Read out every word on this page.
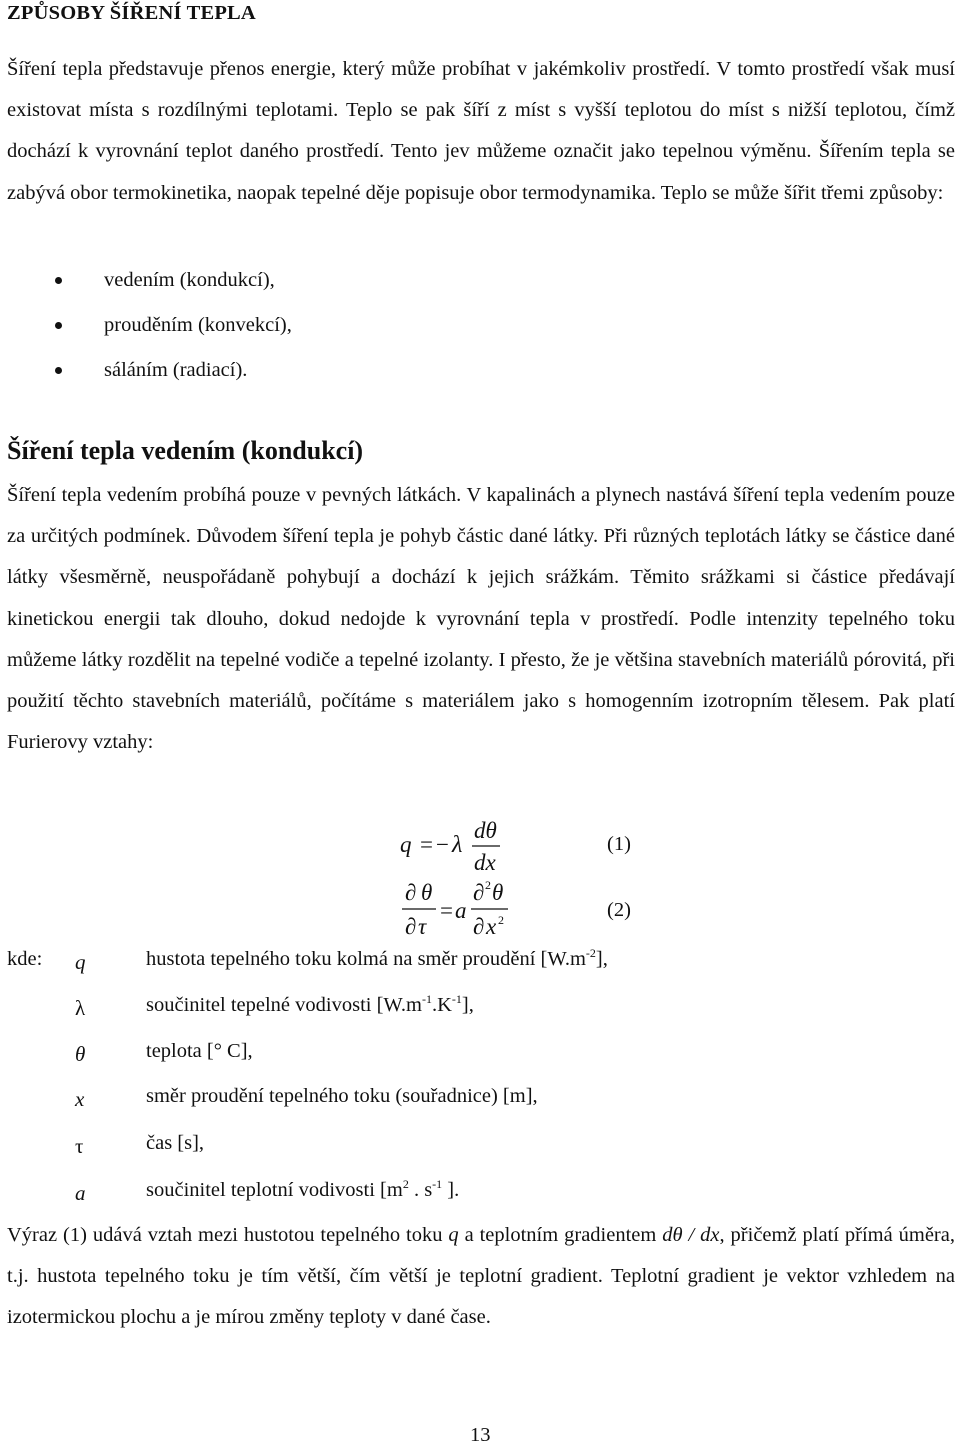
ZPŮSOBY ŠÍŘENÍ TEPLA

Šíření tepla představuje přenos energie, který může probíhat v jakémkoliv prostředí. V tomto prostředí však musí existovat místa s rozdílnými teplotami. Teplo se pak šíří z míst s vyšší teplotou do míst s nižší teplotou, čímž dochází k vyrovnání teplot daného prostředí. Tento jev můžeme označit jako tepelnou výměnu. Šířením tepla se zabývá obor termokinetika, naopak tepelné děje popisuje obor termodynamika. Teplo se může šířit třemi způsoby:

vedením (kondukcí),
prouděním (konvekcí),
sáláním (radiací).
Šíření tepla vedením (kondukcí)

Šíření tepla vedením probíhá pouze v pevných látkách. V kapalinách a plynech nastává šíření tepla vedením pouze za určitých podmínek. Důvodem šíření tepla je pohyb částic dané látky. Při různých teplotách látky se částice dané látky všesměrně, neuspořádaně pohybují a dochází k jejich srážkám. Těmito srážkami si částice předávají kinetickou energii tak dlouho, dokud nedojde k vyrovnání tepla v prostředí. Podle intenzity tepelného toku můžeme látky rozdělit na tepelné vodiče a tepelné izolanty. I přesto, že je většina stavebních materiálů pórovitá, při použití těchto stavebních materiálů, počítáme s materiálem jako s homogenním izotropním tělesem. Pak platí Furierovy vztahy:

q = − λ
dθ
dx
∂ θ
∂ τ
= a
∂ 2 θ
∂ x 2
(1)
(2)
kde: q	hustota tepelného toku kolmá na směr proudění $[W.m^{-2}]$,
λ	součinitel tepelné vodivosti $[W.m^{-1}.K^{-1}]$,
θ	teplota [° C],
x	směr proudění tepelného toku (souřadnice) [m],
τ	čas [s],
a	součinitel teplotní vodivosti [$m^2$ . $s^{-1}$ ].

Výraz (1) udává vztah mezi hustotou tepelného toku q a teplotním gradientem dθ / dx, přičemž platí přímá úměra, t.j. hustota tepelného toku je tím větší, čím větší je teplotní gradient. Teplotní gradient je vektor vzhledem na izotermickou plochu a je mírou změny teploty v dané čase.

13
